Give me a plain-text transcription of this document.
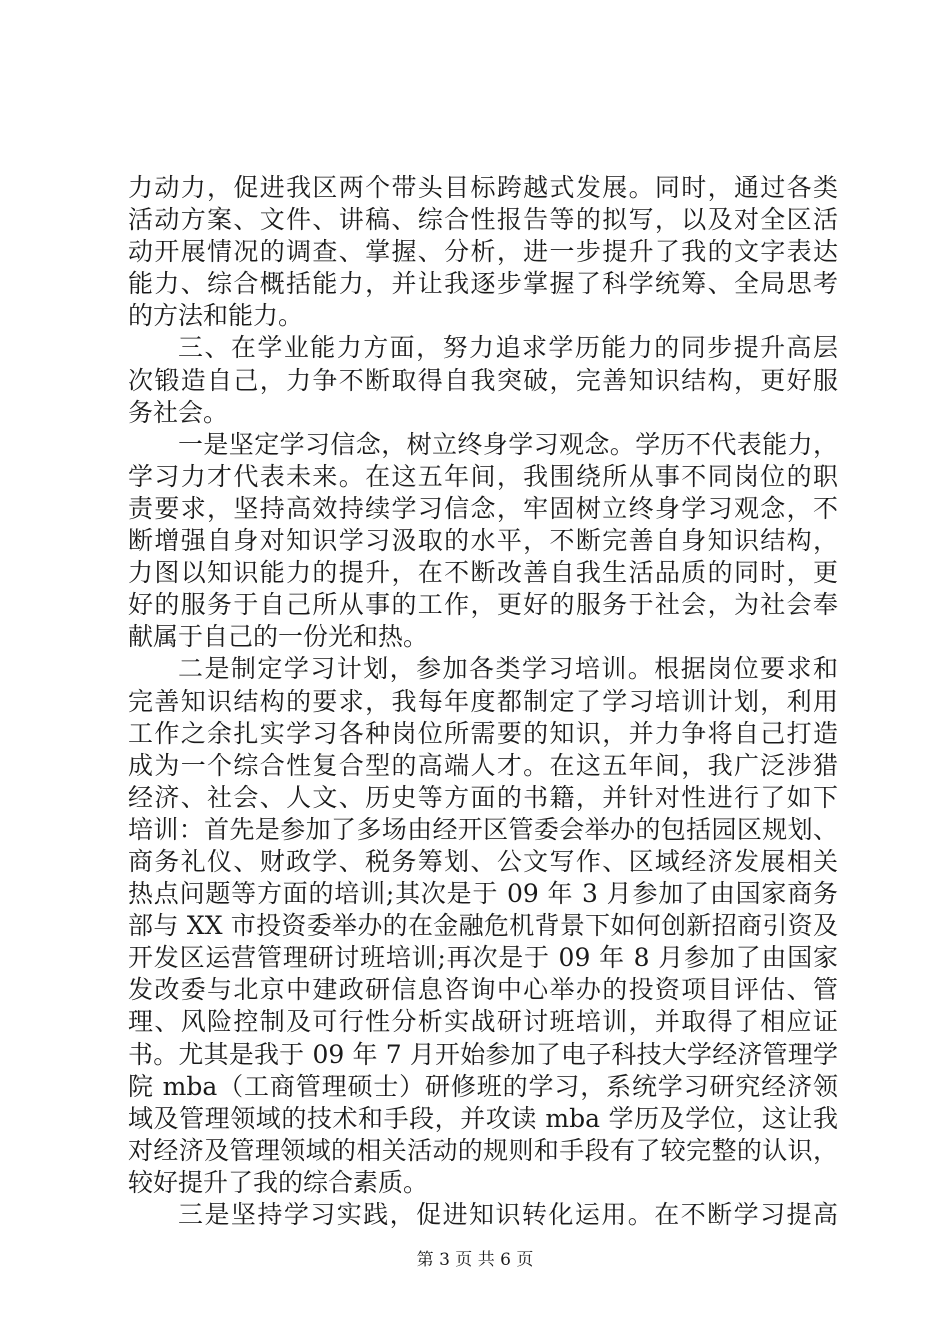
力动力，促进我区两个带头目标跨越式发展。同时，通过各类
活动方案、文件、讲稿、综合性报告等的拟写，以及对全区活
动开展情况的调查、掌握、分析，进一步提升了我的文字表达
能力、综合概括能力，并让我逐步掌握了科学统筹、全局思考
的方法和能力。
三、在学业能力方面，努力追求学历能力的同步提升高层
次锻造自己，力争不断取得自我突破，完善知识结构，更好服
务社会。
一是坚定学习信念，树立终身学习观念。学历不代表能力，
学习力才代表未来。在这五年间，我围绕所从事不同岗位的职
责要求，坚持高效持续学习信念，牢固树立终身学习观念，不
断增强自身对知识学习汲取的水平，不断完善自身知识结构，
力图以知识能力的提升，在不断改善自我生活品质的同时，更
好的服务于自己所从事的工作，更好的服务于社会，为社会奉
献属于自己的一份光和热。
二是制定学习计划，参加各类学习培训。根据岗位要求和
完善知识结构的要求，我每年度都制定了学习培训计划，利用
工作之余扎实学习各种岗位所需要的知识，并力争将自己打造
成为一个综合性复合型的高端人才。在这五年间，我广泛涉猎
经济、社会、人文、历史等方面的书籍，并针对性进行了如下
培训：首先是参加了多场由经开区管委会举办的包括园区规划、
商务礼仪、财政学、税务筹划、公文写作、区域经济发展相关
热点问题等方面的培训;其次是于 09 年 3 月参加了由国家商务
部与 XX 市投资委举办的在金融危机背景下如何创新招商引资及
开发区运营管理研讨班培训;再次是于 09 年 8 月参加了由国家
发改委与北京中建政研信息咨询中心举办的投资项目评估、管
理、风险控制及可行性分析实战研讨班培训，并取得了相应证
书。尤其是我于 09 年 7 月开始参加了电子科技大学经济管理学
院 mba（工商管理硕士）研修班的学习，系统学习研究经济领
域及管理领域的技术和手段，并攻读 mba 学历及学位，这让我
对经济及管理领域的相关活动的规则和手段有了较完整的认识，
较好提升了我的综合素质。
三是坚持学习实践，促进知识转化运用。在不断学习提高
第 3 页 共 6 页
